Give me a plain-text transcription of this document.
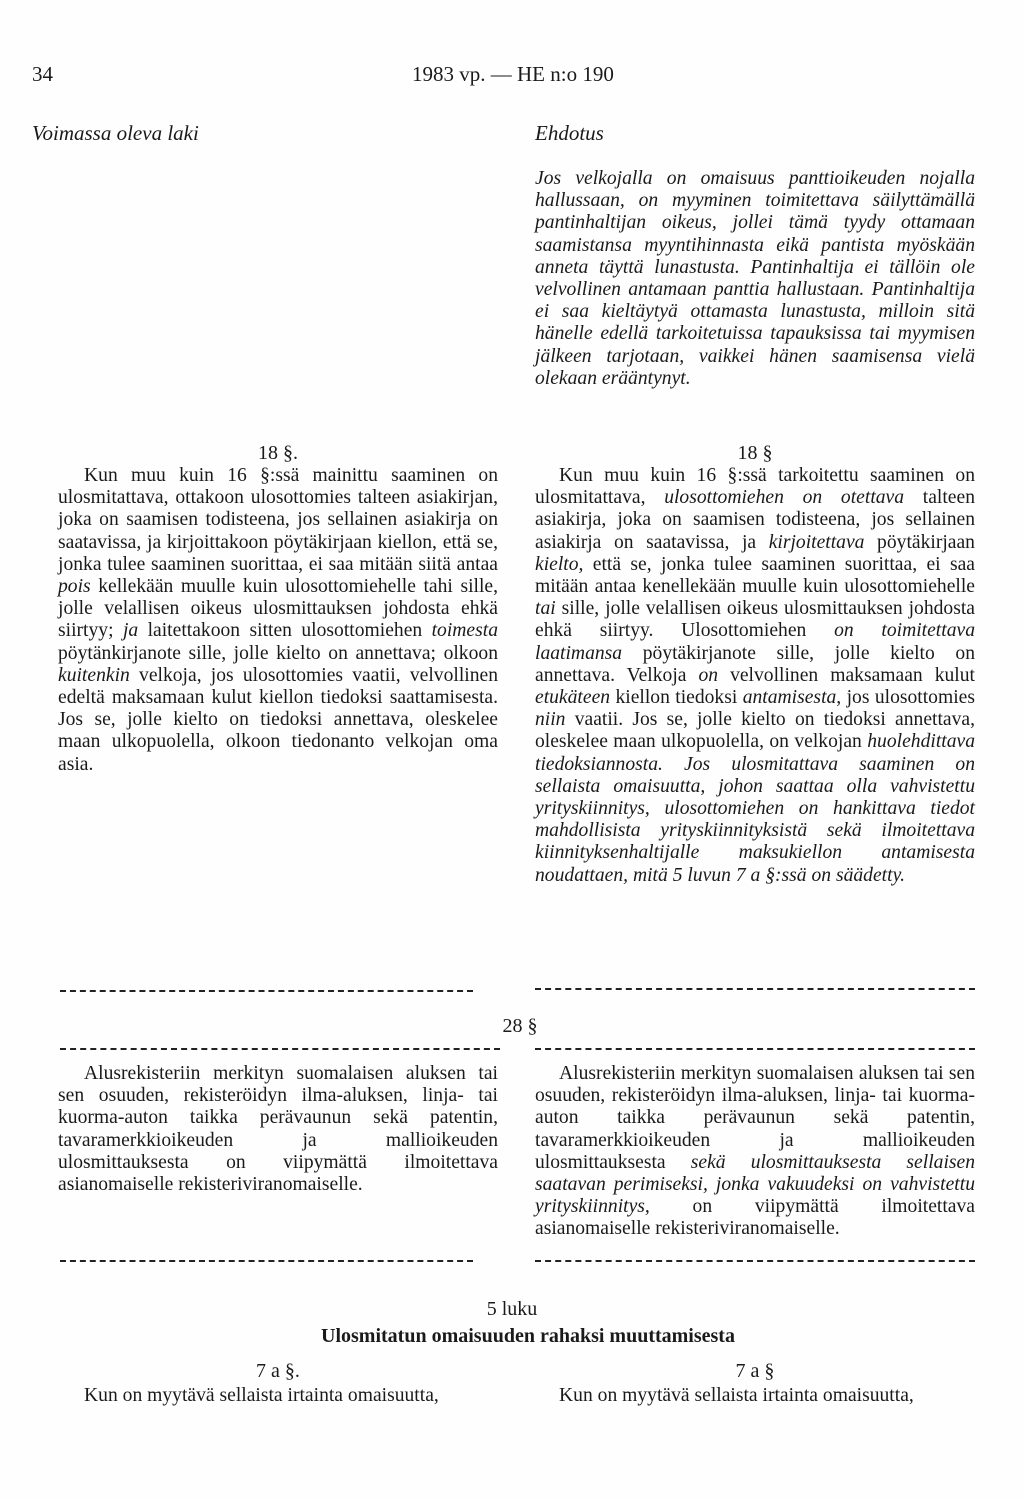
34	1983 vp. — HE n:o 190
Voimassa oleva laki	Ehdotus

Jos velkojalla on omaisuus panttioikeuden nojalla hallussaan, on myyminen toimitettava säilyttämällä pantinhaltijan oikeus, jollei tämä tyydy ottamaan saamistansa myyntihinnasta eikä pantista myöskään anneta täyttä lunastusta. Pantinhaltija ei tällöin ole velvollinen antamaan panttia hallustaan. Pantinhaltija ei saa kieltäytyä ottamasta lunastusta, milloin sitä hänelle edellä tarkoitetuissa tapauksissa tai myymisen jälkeen tarjotaan, vaikkei hänen saamisensa vielä olekaan erääntynyt.

18 §.	18 §

Kun muu kuin 16 §:ssä mainittu saaminen on ulosmitattava, ottakoon ulosottomies talteen asiakirjan, joka on saamisen todisteena, jos sellainen asiakirja on saatavissa, ja kirjoittakoon pöytäkirjaan kiellon, että se, jonka tulee saaminen suorittaa, ei saa mitään siitä antaa pois kellekään muulle kuin ulosottomiehelle tahi sille, jolle velallisen oikeus ulosmittauksen johdosta ehkä siirtyy; ja laitettakoon sitten ulosottomiehen toimesta pöytänkirjanote sille, jolle kielto on annettava; olkoon kuitenkin velkoja, jos ulosottomies vaatii, velvollinen edeltä maksamaan kulut kiellon tiedoksi saattamisesta. Jos se, jolle kielto on tiedoksi annettava, oleskelee maan ulkopuolella, olkoon tiedonanto velkojan oma asia.

Kun muu kuin 16 §:ssä tarkoitettu saaminen on ulosmitattava, ulosottomiehen on otettava talteen asiakirja, joka on saamisen todisteena, jos sellainen asiakirja on saatavissa, ja kirjoitettava pöytäkirjaan kielto, että se, jonka tulee saaminen suorittaa, ei saa mitään antaa kenellekään muulle kuin ulosottomiehelle tai sille, jolle velallisen oikeus ulosmittauksen johdosta ehkä siirtyy. Ulosottomiehen on toimitettava laatimansa pöytäkirjanote sille, jolle kielto on annettava. Velkoja on velvollinen maksamaan kulut etukäteen kiellon tiedoksi antamisesta, jos ulosottomies niin vaatii. Jos se, jolle kielto on tiedoksi annettava, oleskelee maan ulkopuolella, on velkojan huolehdittava tiedoksiannosta. Jos ulosmitattava saaminen on sellaista omaisuutta, johon saattaa olla vahvistettu yrityskiinnitys, ulosottomiehen on hankittava tiedot mahdollisista yrityskiinnityksistä sekä ilmoitettava kiinnityksenhaltijalle maksukiellon antamisesta noudattaen, mitä 5 luvun 7 a §:ssä on säädetty.

28 §

Alusrekisteriin merkityn suomalaisen aluksen tai sen osuuden, rekisteröidyn ilma-aluksen, linja- tai kuorma-auton taikka perävaunun sekä patentin, tavaramerkkioikeuden ja mallioikeuden ulosmittauksesta on viipymättä ilmoitettava asianomaiselle rekisteriviranomaiselle.

Alusrekisteriin merkityn suomalaisen aluksen tai sen osuuden, rekisteröidyn ilma-aluksen, linja- tai kuorma-auton taikka perävaunun sekä patentin, tavaramerkkioikeuden ja mallioikeuden ulosmittauksesta sekä ulosmittauksesta sellaisen saatavan perimiseksi, jonka vakuudeksi on vahvistettu yrityskiinnitys, on viipymättä ilmoitettava asianomaiselle rekisteriviranomaiselle.

5 luku
Ulosmitatun omaisuuden rahaksi muuttamisesta
7 a §.	7 a §

Kun on myytävä sellaista irtainta omaisuutta,	Kun on myytävä sellaista irtainta omaisuutta,
